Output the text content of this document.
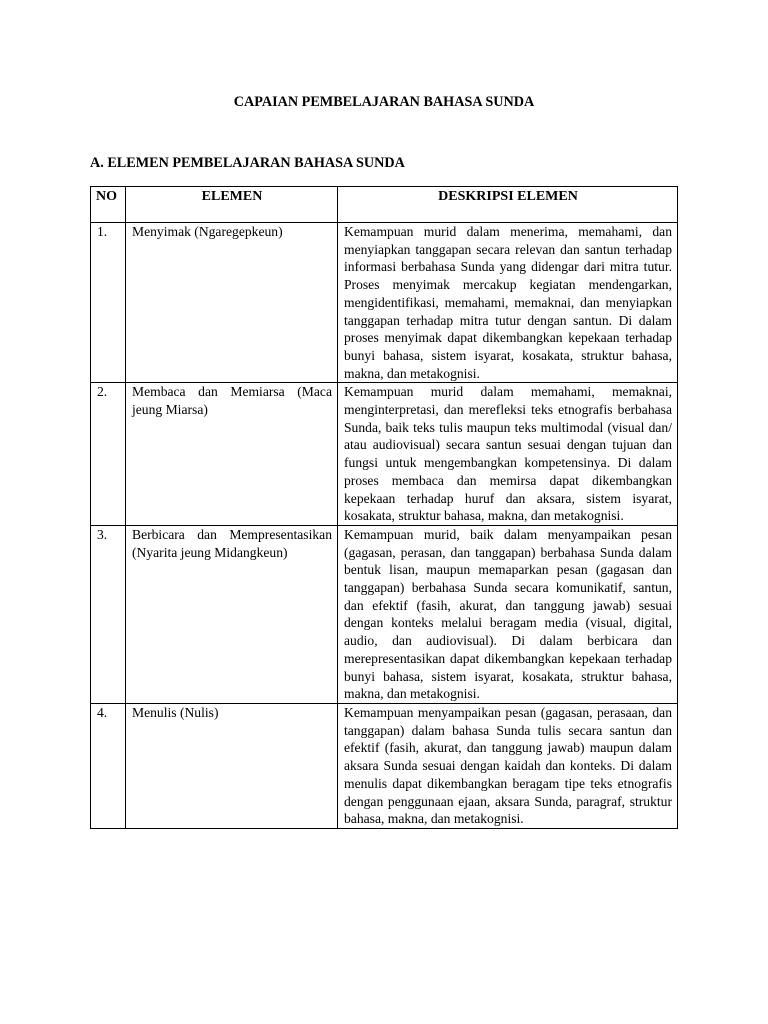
CAPAIAN PEMBELAJARAN BAHASA SUNDA
A. ELEMEN PEMBELAJARAN BAHASA SUNDA
NO	ELEMEN	DESKRIPSI ELEMEN
1.	Menyimak (Ngaregepkeun)	Kemampuan murid dalam menerima, memahami, dan menyiapkan tanggapan secara relevan dan santun terhadap informasi berbahasa Sunda yang didengar dari mitra tutur. Proses menyimak mercakup kegiatan mendengarkan, mengidentifikasi, memahami, memaknai, dan menyiapkan tanggapan terhadap mitra tutur dengan santun. Di dalam proses menyimak dapat dikembangkan kepekaan terhadap bunyi bahasa, sistem isyarat, kosakata, struktur bahasa, makna, dan metakognisi.
2.	Membaca dan Memiarsa (Maca jeung Miarsa)	Kemampuan murid dalam memahami, memaknai, menginterpretasi, dan merefleksi teks etnografis berbahasa Sunda, baik teks tulis maupun teks multimodal (visual dan/ atau audiovisual) secara santun sesuai dengan tujuan dan fungsi untuk mengembangkan kompetensinya. Di dalam proses membaca dan memirsa dapat dikembangkan kepekaan terhadap huruf dan aksara, sistem isyarat, kosakata, struktur bahasa, makna, dan metakognisi.
3.	Berbicara dan Mempresentasikan (Nyarita jeung Midangkeun)	Kemampuan murid, baik dalam menyampaikan pesan (gagasan, perasan, dan tanggapan) berbahasa Sunda dalam bentuk lisan, maupun memaparkan pesan (gagasan dan tanggapan) berbahasa Sunda secara komunikatif, santun, dan efektif (fasih, akurat, dan tanggung jawab) sesuai dengan konteks melalui beragam media (visual, digital, audio, dan audiovisual). Di dalam berbicara dan merepresentasikan dapat dikembangkan kepekaan terhadap bunyi bahasa, sistem isyarat, kosakata, struktur bahasa, makna, dan metakognisi.
4.	Menulis (Nulis)	Kemampuan menyampaikan pesan (gagasan, perasaan, dan tanggapan) dalam bahasa Sunda tulis secara santun dan efektif (fasih, akurat, dan tanggung jawab) maupun dalam aksara Sunda sesuai dengan kaidah dan konteks. Di dalam menulis dapat dikembangkan beragam tipe teks etnografis dengan penggunaan ejaan, aksara Sunda, paragraf, struktur bahasa, makna, dan metakognisi.
